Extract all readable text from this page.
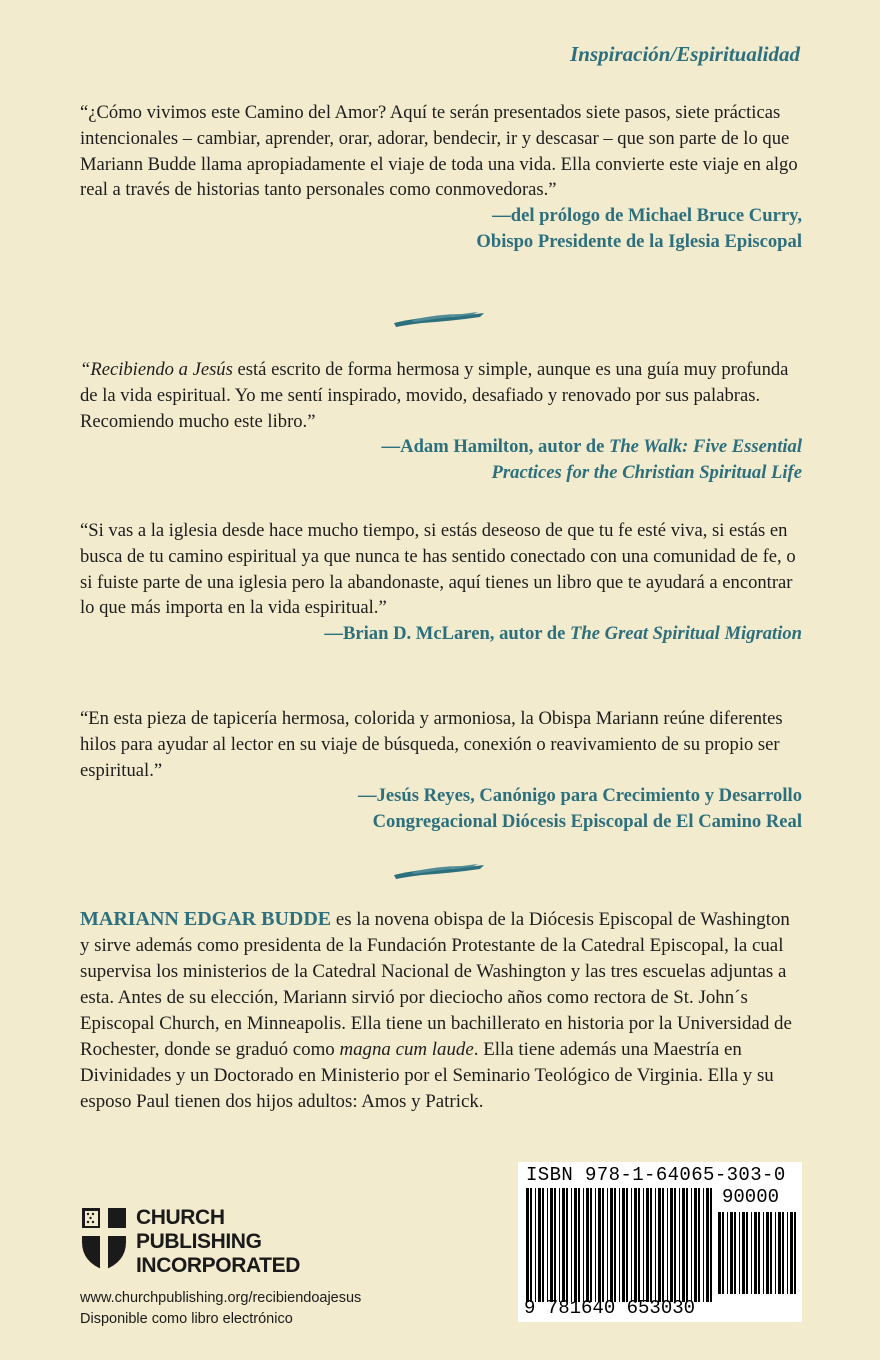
Inspiración/Espiritualidad

“¿Cómo vivimos este Camino del Amor? Aquí te serán presentados siete pasos, siete prácticas intencionales – cambiar, aprender, orar, adorar, bendecir, ir y descasar – que son parte de lo que Mariann Budde llama apropiadamente el viaje de toda una vida. Ella convierte este viaje en algo real a través de historias tanto personales como conmovedoras.”

—del prólogo de Michael Bruce Curry,
Obispo Presidente de la Iglesia Episcopal

“Recibiendo a Jesús está escrito de forma hermosa y simple, aunque es una guía muy profunda de la vida espiritual. Yo me sentí inspirado, movido, desafiado y renovado por sus palabras. Recomiendo mucho este libro.”

—Adam Hamilton, autor de The Walk: Five Essential
Practices for the Christian Spiritual Life

“Si vas a la iglesia desde hace mucho tiempo, si estás deseoso de que tu fe esté viva, si estás en busca de tu camino espiritual ya que nunca te has sentido conectado con una comunidad de fe, o si fuiste parte de una iglesia pero la abandonaste, aquí tienes un libro que te ayudará a encontrar lo que más importa en la vida espiritual.”

—Brian D. McLaren, autor de The Great Spiritual Migration

“En esta pieza de tapicería hermosa, colorida y armoniosa, la Obispa Mariann reúne diferentes hilos para ayudar al lector en su viaje de búsqueda, conexión o reavivamiento de su propio ser espiritual.”

—Jesús Reyes, Canónigo para Crecimiento y Desarrollo
Congregacional Diócesis Episcopal de El Camino Real
MARIANN EDGAR BUDDE es la novena obispa de la Diócesis Episcopal de Washington y sirve además como presidenta de la Fundación Protestante de la Catedral Episcopal, la cual supervisa los ministerios de la Catedral Nacional de Washington y las tres escuelas adjuntas a esta. Antes de su elección, Mariann sirvió por dieciocho años como rectora de St. John´s Episcopal Church, en Minneapolis. Ella tiene un bachillerato en historia por la Universidad de Rochester, donde se graduó como magna cum laude. Ella tiene además una Maestría en Divinidades y un Doctorado en Ministerio por el Seminario Teológico de Virginia. Ella y su esposo Paul tienen dos hijos adultos: Amos y Patrick.
CHURCH
PUBLISHING
INCORPORATED
www.churchpublishing.org/recibiendoajesus
Disponible como libro electrónico
ISBN 978-1-64065-303-0
90000
9 781640 653030
